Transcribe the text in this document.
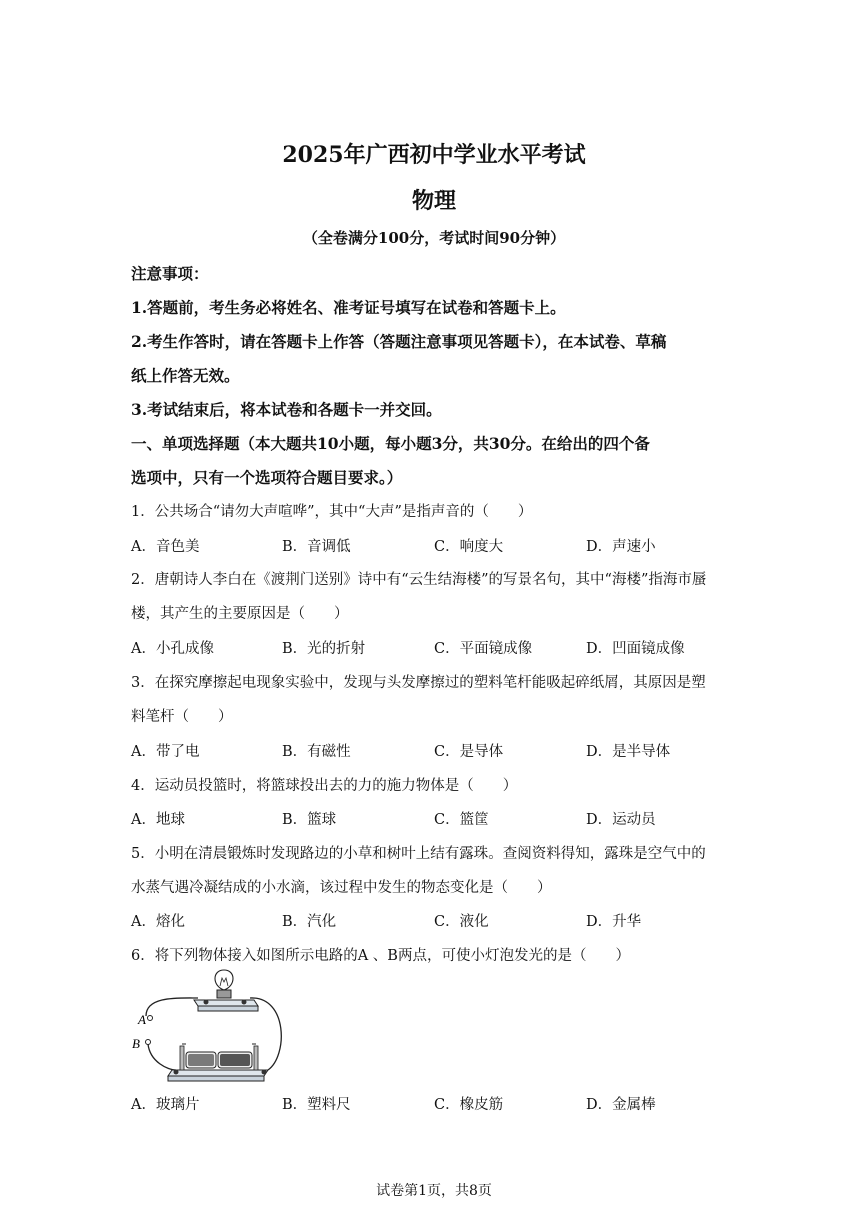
2025年广西初中学业水平考试
物理
（全卷满分100分，考试时间90分钟）
注意事项：
1.答题前，考生务必将姓名、准考证号填写在试卷和答题卡上。
2.考生作答时，请在答题卡上作答（答题注意事项见答题卡），在本试卷、草稿
纸上作答无效。
3.考试结束后，将本试卷和各题卡一并交回。
一、单项选择题（本大题共10小题，每小题3分，共30分。在给出的四个备
选项中，只有一个选项符合题目要求。）
1．公共场合“请勿大声喧哗”，其中“大声”是指声音的（　　）
A．音色美	B．音调低	C．响度大	D．声速小
2．唐朝诗人李白在《渡荆门送别》诗中有“云生结海楼”的写景名句，其中“海楼”指海市蜃
楼，其产生的主要原因是（　　）
A．小孔成像	B．光的折射	C．平面镜成像	D．凹面镜成像
3．在探究摩擦起电现象实验中，发现与头发摩擦过的塑料笔杆能吸起碎纸屑，其原因是塑
料笔杆（　　）
A．带了电	B．有磁性	C．是导体	D．是半导体
4．运动员投篮时，将篮球投出去的力的施力物体是（　　）
A．地球	B．篮球	C．篮筐	D．运动员
5．小明在清晨锻炼时发现路边的小草和树叶上结有露珠。查阅资料得知，露珠是空气中的
水蒸气遇冷凝结成的小水滴，该过程中发生的物态变化是（　　）
A．熔化	B．汽化	C．液化	D．升华
6．将下列物体接入如图所示电路的A 、B两点，可使小灯泡发光的是（　　）
A
B
A．玻璃片	B．塑料尺	C．橡皮筋	D．金属棒
试卷第1页，共8页
